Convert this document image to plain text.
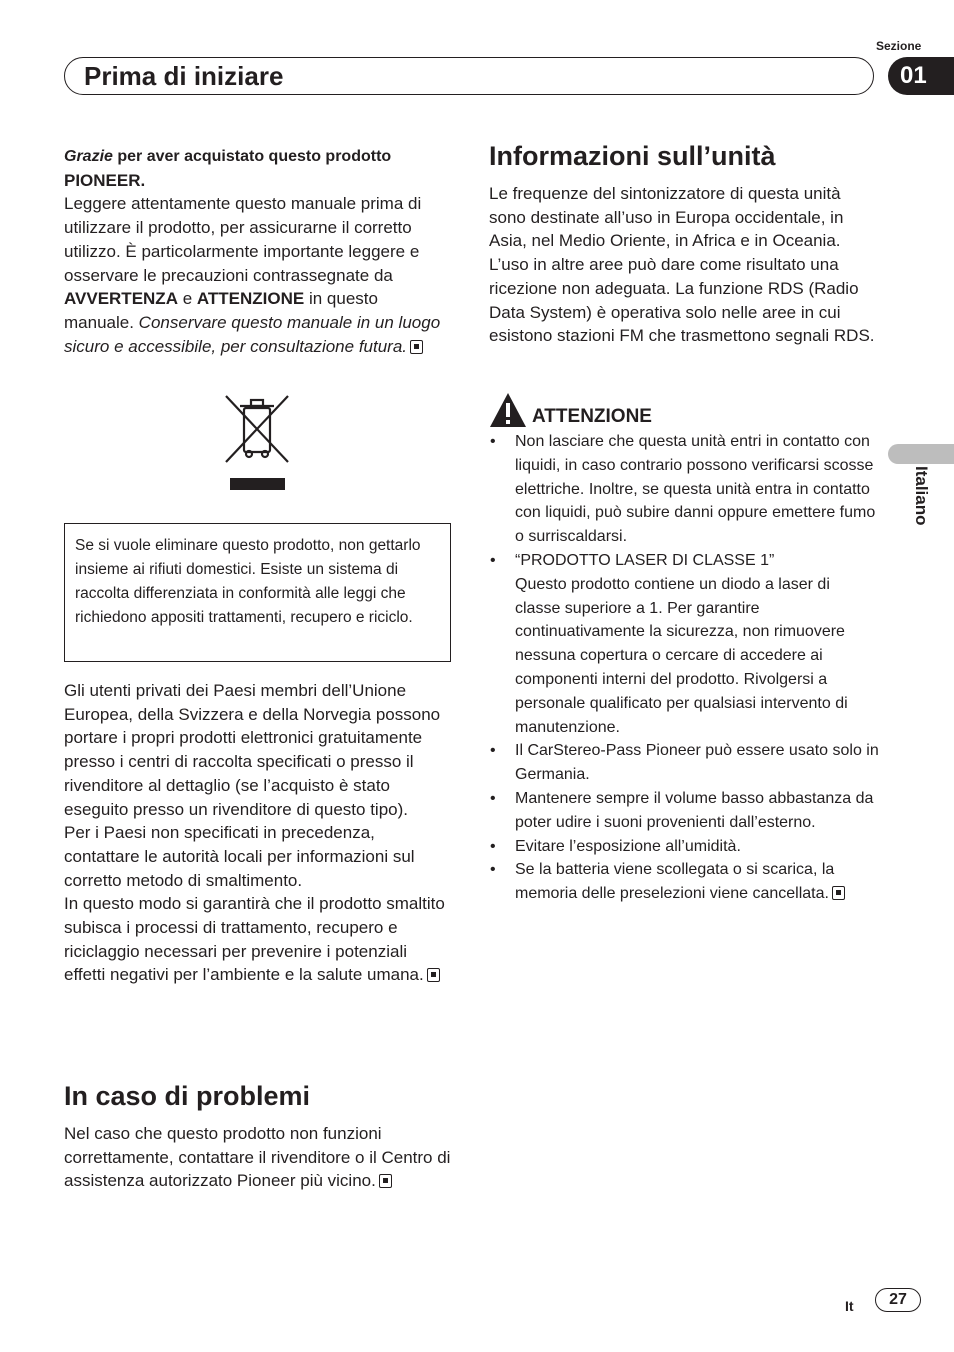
Sezione
Prima di iniziare	01
Italiano

Grazie per aver acquistato questo prodotto
PIONEER.
Leggere attentamente questo manuale prima di utilizzare il prodotto, per assicurarne il corretto utilizzo. È particolarmente importante leggere e osservare le precauzioni contrassegnate da AVVERTENZA e ATTENZIONE in questo manuale. Conservare questo manuale in un luogo sicuro e accessibile, per consultazione futura.

Se si vuole eliminare questo prodotto, non gettarlo insieme ai rifiuti domestici. Esiste un sistema di raccolta differenziata in conformità alle leggi che richiedono appositi trattamenti, recupero e riciclo.

Gli utenti privati dei Paesi membri dell’Unione Europea, della Svizzera e della Norvegia possono portare i propri prodotti elettronici gratuitamente presso i centri di raccolta specificati o presso il rivenditore al dettaglio (se l’acquisto è stato eseguito presso un rivenditore di questo tipo).

Per i Paesi non specificati in precedenza, contattare le autorità locali per informazioni sul corretto metodo di smaltimento.

In questo modo si garantirà che il prodotto smaltito subisca i processi di trattamento, recupero e riciclaggio necessari per prevenire i potenziali effetti negativi per l’ambiente e la salute umana.

In caso di problemi

Nel caso che questo prodotto non funzioni correttamente, contattare il rivenditore o il Centro di assistenza autorizzato Pioneer più vicino.

Informazioni sull’unità

Le frequenze del sintonizzatore di questa unità sono destinate all’uso in Europa occidentale, in Asia, nel Medio Oriente, in Africa e in Oceania. L’uso in altre aree può dare come risultato una ricezione non adeguata. La funzione RDS (Radio Data System) è operativa solo nelle aree in cui esistono stazioni FM che trasmettono segnali RDS.

ATTENZIONE
• Non lasciare che questa unità entri in contatto con liquidi, in caso contrario possono verificarsi scosse elettriche. Inoltre, se questa unità entra in contatto con liquidi, può subire danni oppure emettere fumo o surriscaldarsi.
• “PRODOTTO LASER DI CLASSE 1”
Questo prodotto contiene un diodo a laser di classe superiore a 1. Per garantire continuativamente la sicurezza, non rimuovere nessuna copertura o cercare di accedere ai componenti interni del prodotto. Rivolgersi a personale qualificato per qualsiasi intervento di manutenzione.
• Il CarStereo-Pass Pioneer può essere usato solo in Germania.
• Mantenere sempre il volume basso abbastanza da poter udire i suoni provenienti dall’esterno.
• Evitare l’esposizione all’umidità.
• Se la batteria viene scollegata o si scarica, la memoria delle preselezioni viene cancellata.
It	27
